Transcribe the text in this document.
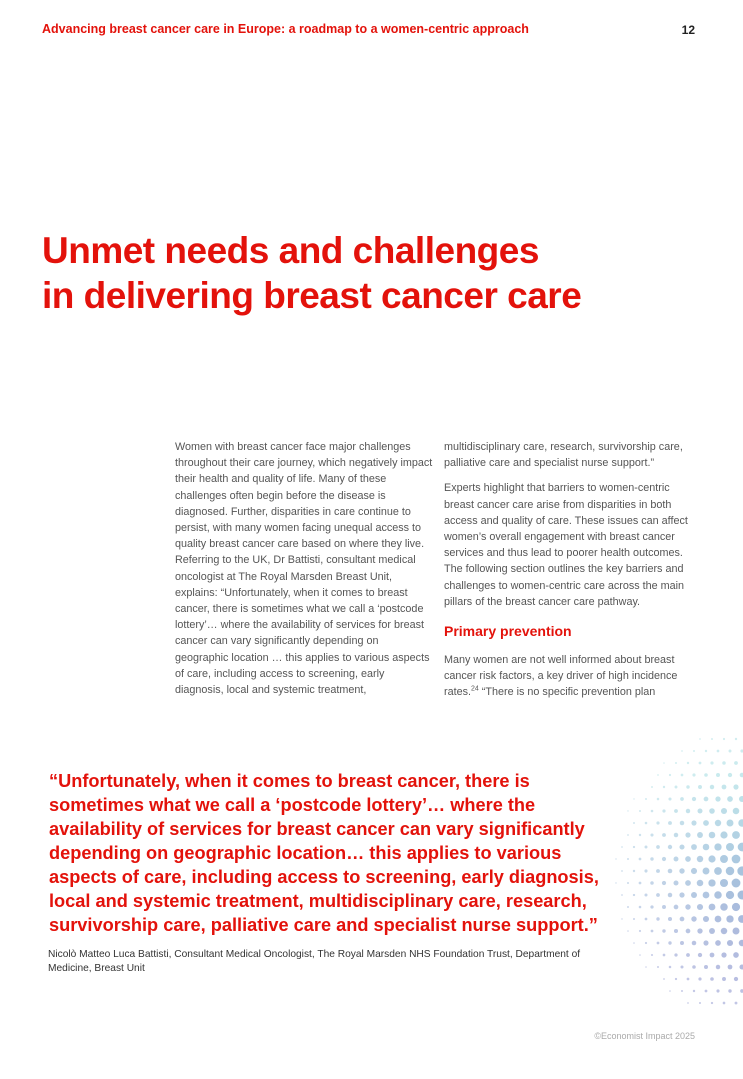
Advancing breast cancer care in Europe: a roadmap to a women-centric approach	12
Unmet needs and challenges
in delivering breast cancer care

Women with breast cancer face major challenges throughout their care journey, which negatively impact their health and quality of life. Many of these challenges often begin before the disease is diagnosed. Further, disparities in care continue to persist, with many women facing unequal access to quality breast cancer care based on where they live. Referring to the UK, Dr Battisti, consultant medical oncologist at The Royal Marsden Breast Unit, explains: “Unfortunately, when it comes to breast cancer, there is sometimes what we call a ‘postcode lottery’… where the availability of services for breast cancer can vary significantly depending on geographic location … this applies to various aspects of care, including access to screening, early diagnosis, local and systemic treatment,

multidisciplinary care, research, survivorship care, palliative care and specialist nurse support.”

Experts highlight that barriers to women-centric breast cancer care arise from disparities in both access and quality of care. These issues can affect women’s overall engagement with breast cancer services and thus lead to poorer health outcomes. The following section outlines the key barriers and challenges to women-centric care across the main pillars of the breast cancer care pathway.

Primary prevention

Many women are not well informed about breast cancer risk factors, a key driver of high incidence rates.$^{24}$ “There is no specific prevention plan

“Unfortunately, when it comes to breast cancer, there is sometimes what we call a ‘postcode lottery’… where the availability of services for breast cancer can vary significantly depending on geographic location… this applies to various aspects of care, including access to screening, early diagnosis, local and systemic treatment, multidisciplinary care, research, survivorship care, palliative care and specialist nurse support.”
Nicolò Matteo Luca Battisti, Consultant Medical Oncologist, The Royal Marsden NHS Foundation Trust, Department of Medicine, Breast Unit
©Economist Impact 2025
